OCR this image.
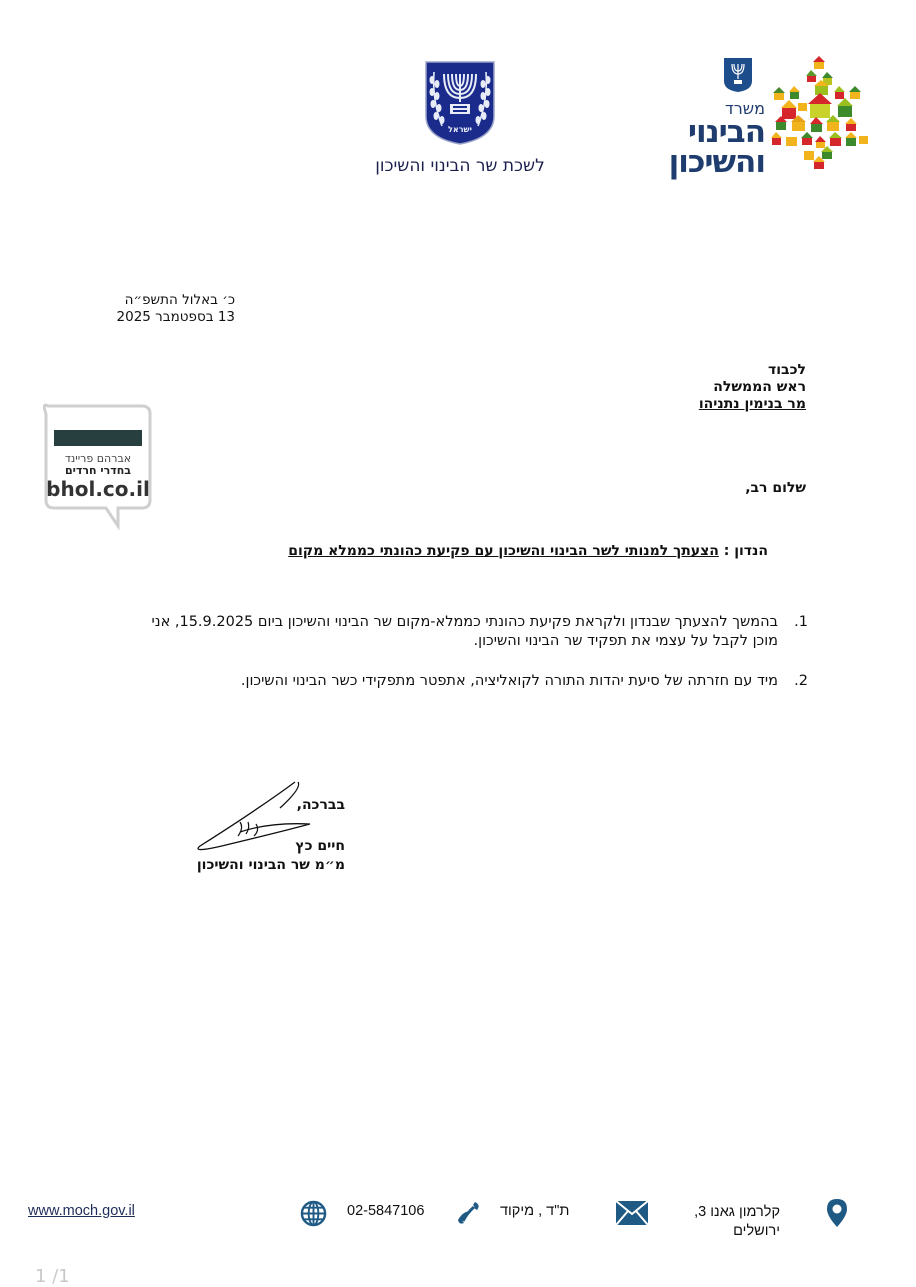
ישראל
לשכת שר הבינוי והשיכון
משרד
הבינוי
והשיכון
כ׳ באלול התשפ״ה
13 בספטמבר 2025
לכבוד
ראש הממשלה
מר בנימין נתניהו
אברהם פריינד
בחדרי חרדים
bhol.co.il	שלום רב,
הנדון : הצעתך למנותי לשר הבינוי והשיכון עם פקיעת כהונתי כממלא מקום
1.
בהמשך להצעתך שבנדון ולקראת פקיעת כהונתי כממלא-מקום שר הבינוי והשיכון ביום 15.9.2025, אני מוכן לקבל על עצמי את תפקיד שר הבינוי והשיכון.
2.
מיד עם חזרתה של סיעת יהדות התורה לקואליציה, אתפטר מתפקידי כשר הבינוי והשיכון.
בברכה,
חיים כץ
מ״מ שר הבינוי והשיכון
www.moch.gov.il	02-5847106	ת"ד , מיקוד	קלרמון גאנו 3,
ירושלים
1 /1
